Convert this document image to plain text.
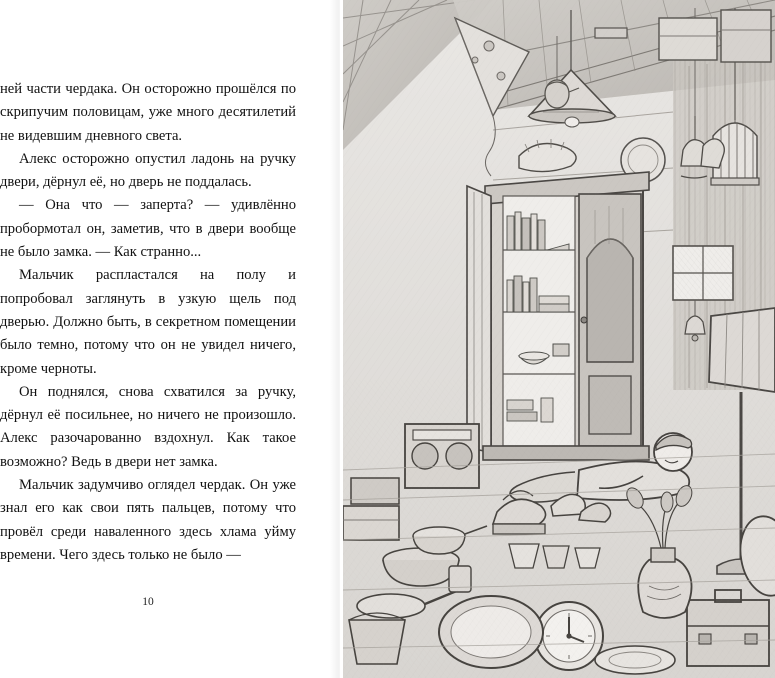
ней части чердака. Он осторожно прошёлся по скрипучим половицам, уже много десятилетий не видевшим дневного света.

Алекс осторожно опустил ладонь на ручку двери, дёрнул её, но дверь не поддалась.

— Она что — заперта? — удивлённо пробормотал он, заметив, что в двери вообще не было замка. — Как странно...

Мальчик распластался на полу и попробовал заглянуть в узкую щель под дверью. Должно быть, в секретном помещении было темно, потому что он не увидел ничего, кроме черноты.

Он поднялся, снова схватился за ручку, дёрнул её посильнее, но ничего не произошло. Алекс разочарованно вздохнул. Как такое возможно? Ведь в двери нет замка.

Мальчик задумчиво оглядел чердак. Он уже знал его как свои пять пальцев, потому что провёл среди наваленного здесь хлама уйму времени. Чего здесь только не было —

10
